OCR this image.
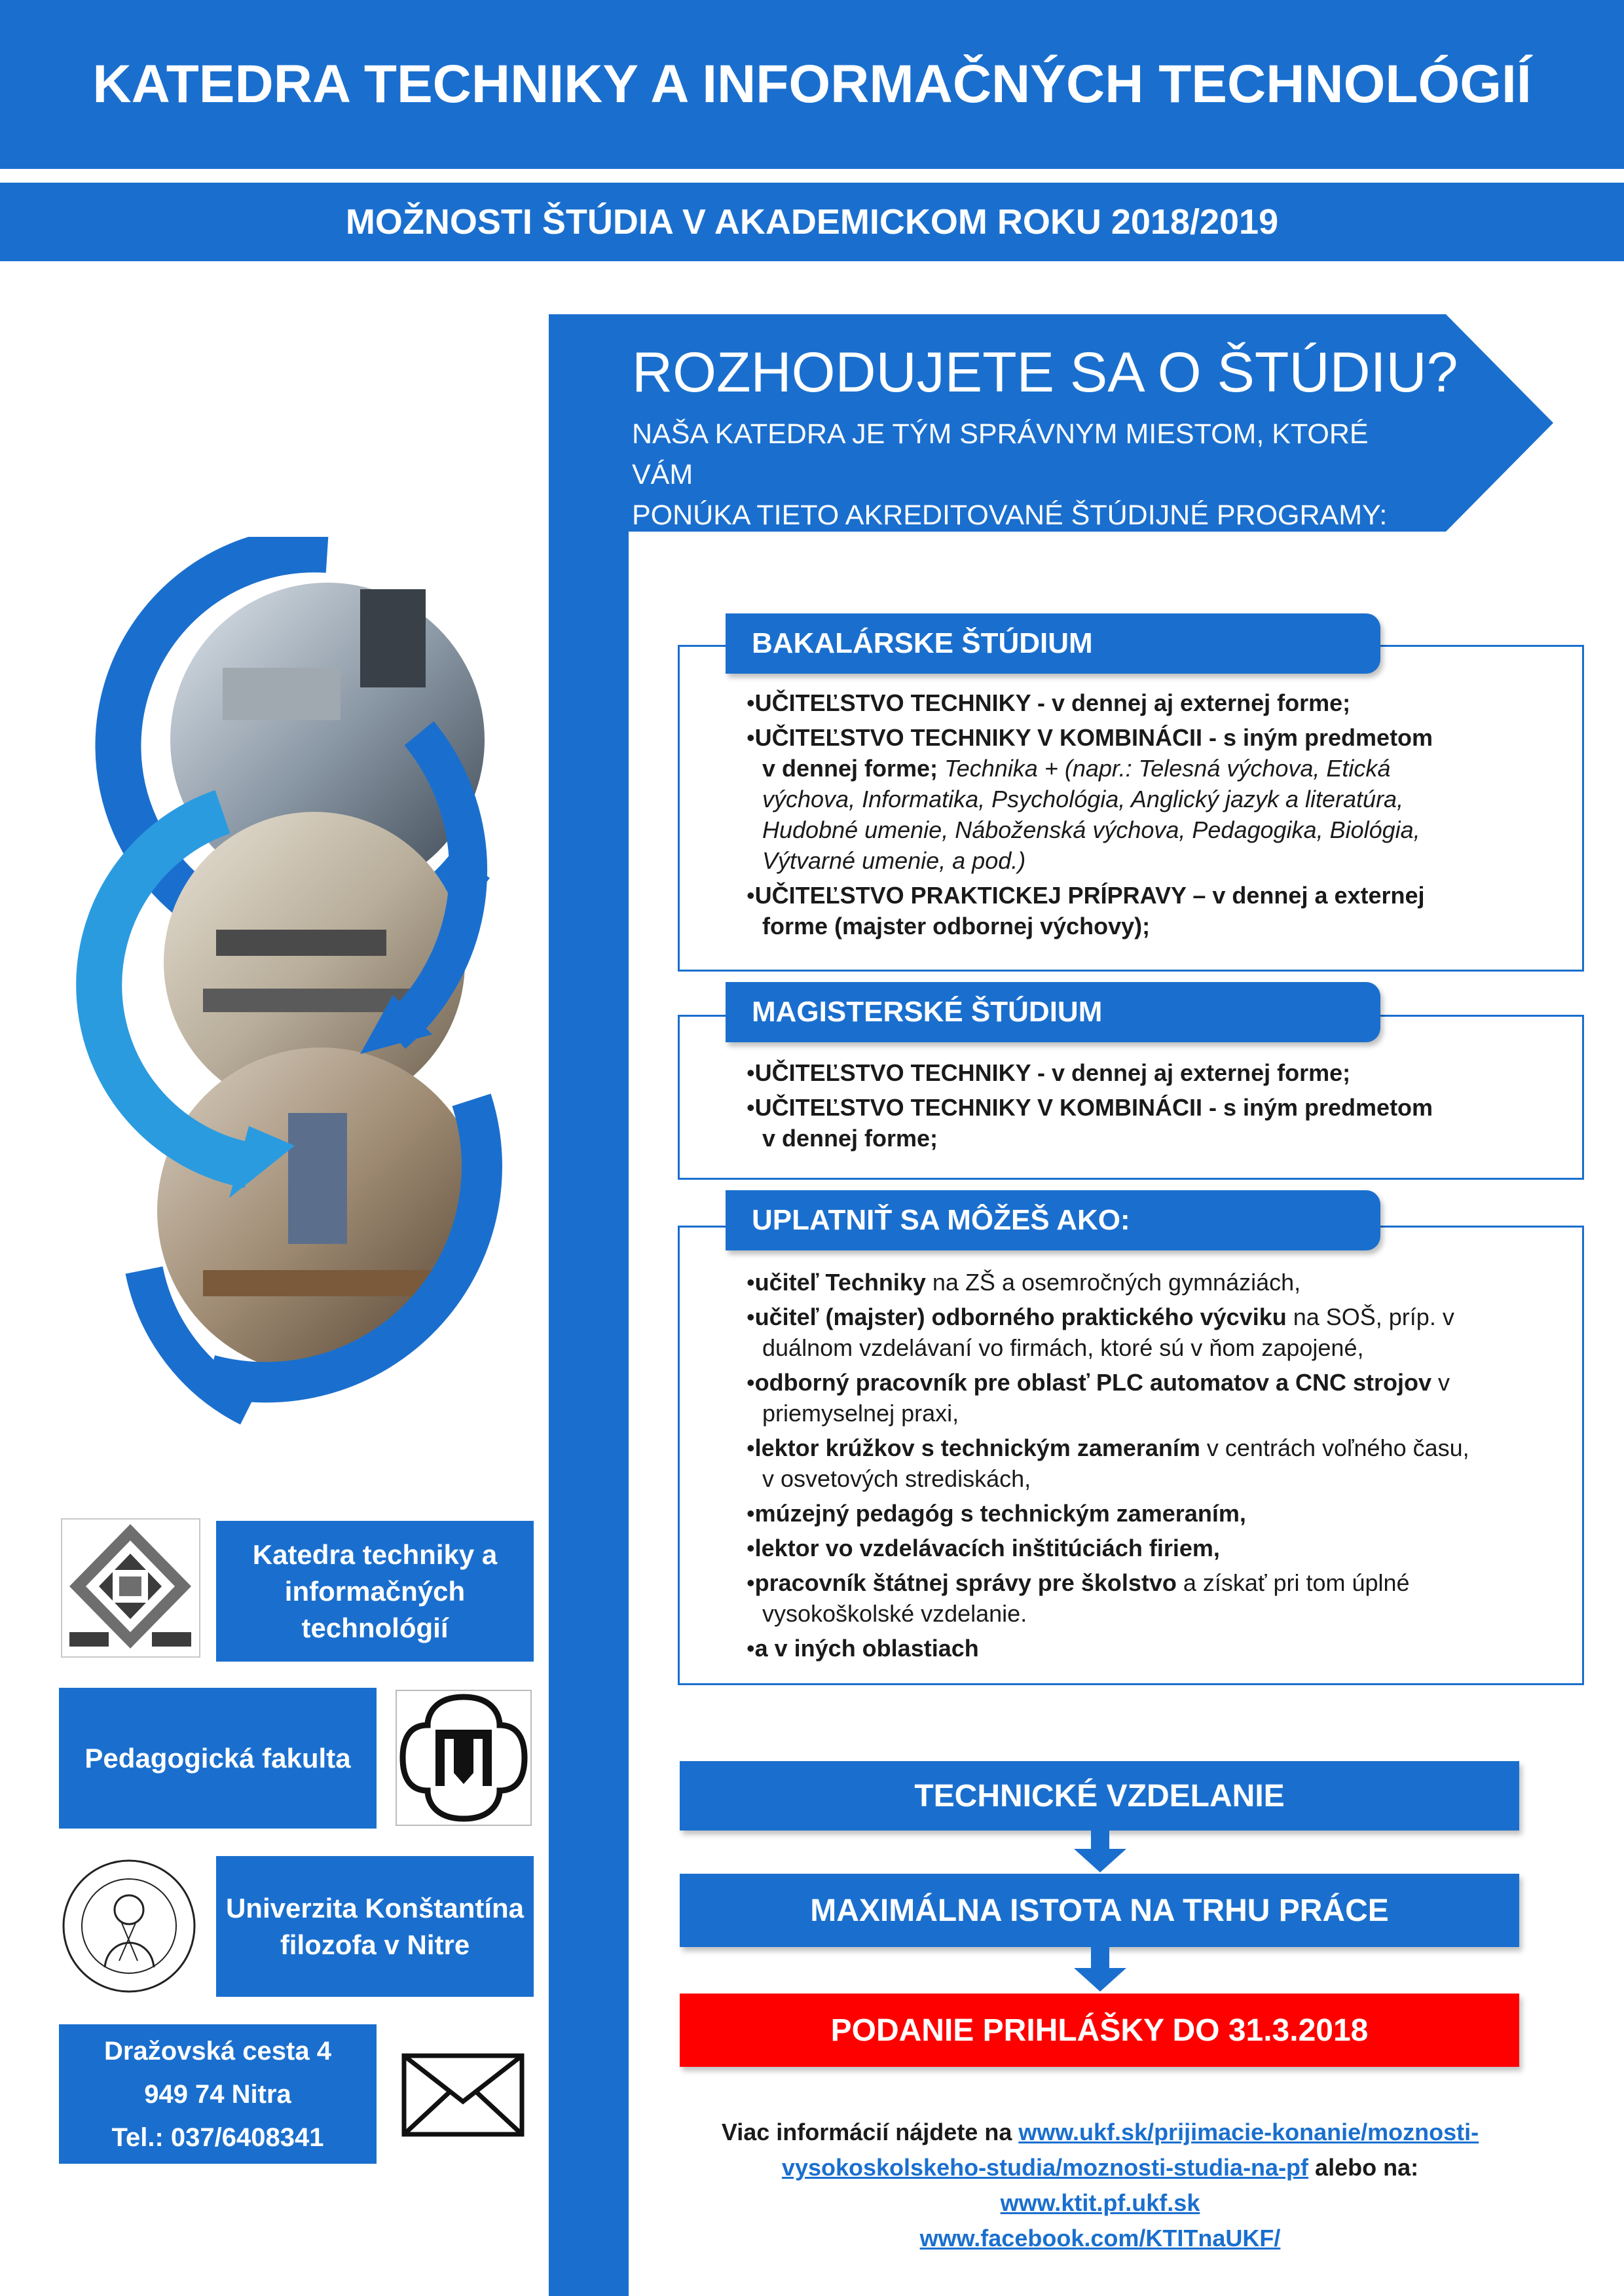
KATEDRA TECHNIKY A INFORMAČNÝCH TECHNOLÓGIÍ
MOŽNOSTI ŠTÚDIA V AKADEMICKOM ROKU 2018/2019
ROZHODUJETE SA O ŠTÚDIU?
NAŠA KATEDRA JE TÝM SPRÁVNYM MIESTOM, KTORÉ VÁM
PONÚKA TIETO AKREDITOVANÉ ŠTÚDIJNÉ PROGRAMY:
BAKALÁRSKE ŠTÚDIUM
•UČITEĽSTVO TECHNIKY - v dennej aj externej forme;
•UČITEĽSTVO TECHNIKY V KOMBINÁCII - s iným predmetom
v dennej forme; Technika + (napr.: Telesná výchova, Etická
výchova, Informatika, Psychológia, Anglický jazyk a literatúra,
Hudobné umenie, Náboženská výchova, Pedagogika, Biológia,
Výtvarné umenie, a pod.)
•UČITEĽSTVO PRAKTICKEJ PRÍPRAVY – v dennej a externej
forme (majster odbornej výchovy);
MAGISTERSKÉ ŠTÚDIUM
•UČITEĽSTVO TECHNIKY - v dennej aj externej forme;
•UČITEĽSTVO TECHNIKY V KOMBINÁCII - s iným predmetom
v dennej forme;
UPLATNIŤ SA MÔŽEŠ AKO:
•učiteľ Techniky na ZŠ a osemročných gymnáziách,
•učiteľ (majster) odborného praktického výcviku na SOŠ, príp. v
duálnom vzdelávaní vo firmách, ktoré sú v ňom zapojené,
•odborný pracovník pre oblasť PLC automatov a CNC strojov v
priemyselnej praxi,
•lektor krúžkov s technickým zameraním v centrách voľného času,
v osvetových strediskách,
•múzejný pedagóg s technickým zameraním,
•lektor vo vzdelávacích inštitúciách firiem,
•pracovník štátnej správy pre školstvo a získať pri tom úplné
vysokoškolské vzdelanie.
•a v iných oblastiach
TECHNICKÉ VZDELANIE
MAXIMÁLNA ISTOTA NA TRHU PRÁCE
PODANIE PRIHLÁŠKY DO 31.3.2018
Viac informácií nájdete na www.ukf.sk/prijimacie-konanie/moznosti-
vysokoskolskeho-studia/moznosti-studia-na-pf alebo na:
www.ktit.pf.ukf.sk
www.facebook.com/KTITnaUKF/
Katedra techniky a informačných technológií
Pedagogická fakulta
Univerzita Konštantína filozofa v Nitre
Dražovská cesta 4
949 74 Nitra
Tel.: 037/6408341
